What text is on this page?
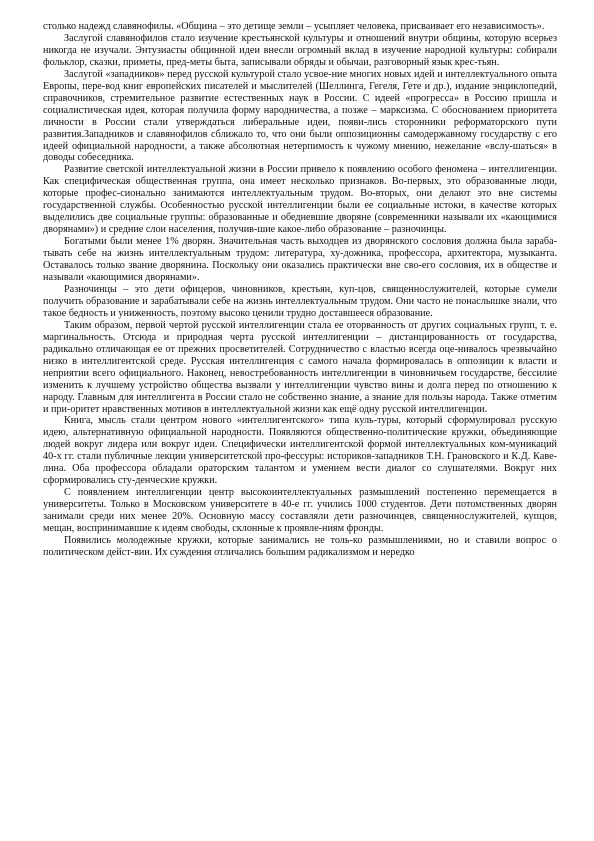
столько надежд славянофилы. «Община – это детище земли – усыпляет человека, присваивает его независимость».

Заслугой славянофилов стало изучение крестьянской культуры и отношений внутри общины, которую всерьез никогда не изучали. Энтузиасты общинной идеи внесли огромный вклад в изучение народной культуры: собирали фольклор, сказки, приметы, пред-меты быта, записывали обряды и обычаи, разговорный язык крес-тьян.

Заслугой «западников» перед русской культурой стало усвое-ние многих новых идей и интеллектуального опыта Европы, пере-вод книг европейских писателей и мыслителей (Шеллинга, Гегеля, Гете и др.), издание энциклопедий, справочников, стремительное развитие естественных наук в России. С идеей «прогресса» в Россию пришла и социалистическая идея, которая получила форму народничества, а позже – марксизма. С обоснованием приоритета личности в России стали утверждаться либеральные идеи, появи-лись сторонники реформаторского пути развития.Западников и славянофилов сближало то, что они были оппозиционны самодержавному государству с его идеей официальной народности, а также абсолютная нетерпимость к чужому мнению, нежелание «вслу-шаться» в доводы собеседника.

Развитие светской интеллектуальной жизни в России привело к появлению особого феномена – интеллигенции. Как специфическая общественная группа, она имеет несколько признаков. Во-первых, это образованные люди, которые профес-сионально занимаются интеллектуальным трудом. Во-вторых, они делают это вне системы государственной службы. Особенностью русской интеллигенции были ее социальные истоки, в качестве которых выделились две социальные группы: образованные и обедневшие дворяне (современники называли их «кающимися дворянами») и средние слои населения, получив-шие какое-либо образование – разночинцы.

Богатыми были менее 1% дворян. Значительная часть выходцев из дворянского сословия должна была зараба-тывать себе на жизнь интеллектуальным трудом: литература, ху-дожника, профессора, архитектора, музыканта. Оставалось только звание дворянина. Поскольку они оказались практически вне сво-его сословия, их в обществе и называли «кающимися дворянами».

Разночинцы – это дети офицеров, чиновников, крестьян, куп-цов, священнослужителей, которые сумели получить образование и зарабатывали себе на жизнь интеллектуальным трудом. Они часто не понаслышке знали, что такое бедность и униженность, поэтому высоко ценили трудно доставшееся образование.

Таким образом, первой чертой русской интеллигенции стала ее оторванность от других социальных групп, т. е. маргинальность. Отсюда и природная черта русской интеллигенции – дистанцированность от государства, радикально отличающая ее от прежних просветителей. Сотрудничество с властью всегда оце-нивалось чрезвычайно низко в интеллигентской среде. Русская интеллигенция с самого начала формировалась в оппозиции к власти и неприятии всего официального. Наконец, невостребованность интеллигенции в чиновничьем государстве, бессилие изменить к лучшему устройство общества вызвали у интеллигенции чувство вины и долга перед по отношению к народу. Главным для интеллигента в России стало не собственно знание, а знание для пользы народа. Также отметим и при-оритет нравственных мотивов в интеллектуальной жизни как ещё одну русской интеллигенции.

Книга, мысль стали центром нового «интеллигентского» типа куль-туры, который сформулировал русскую идею, альтернативную официальной народности. Появляются общественно-политические кружки, объединяющие людей вокруг лидера или вокруг идеи. Специфически интеллигентской формой интеллектуальных ком-муникаций 40-х гг. стали публичные лекции университетской про-фессуры: историков-западников Т.Н. Грановского и К.Д. Каве-лина. Оба профессора обладали ораторским талантом и умением вести диалог со слушателями. Вокруг них сформировались сту-денческие кружки.

С появлением интеллигенции центр высокоинтеллектуальных размышлений постепенно перемещается в университеты. Только в Московском университете в 40-е гг. учились 1000 студентов. Дети потомственных дворян занимали среди них менее 20%. Основную массу составляли дети разночинцев, священнослужителей, купцов, мещан, воспринимавшие к идеям свободы, склонные к проявле-ниям фронды.

Появились молодежные кружки, которые занимались не толь-ко размышлениями, но и ставили вопрос о политическом дейст-вии. Их суждения отличались большим радикализмом и нередко
